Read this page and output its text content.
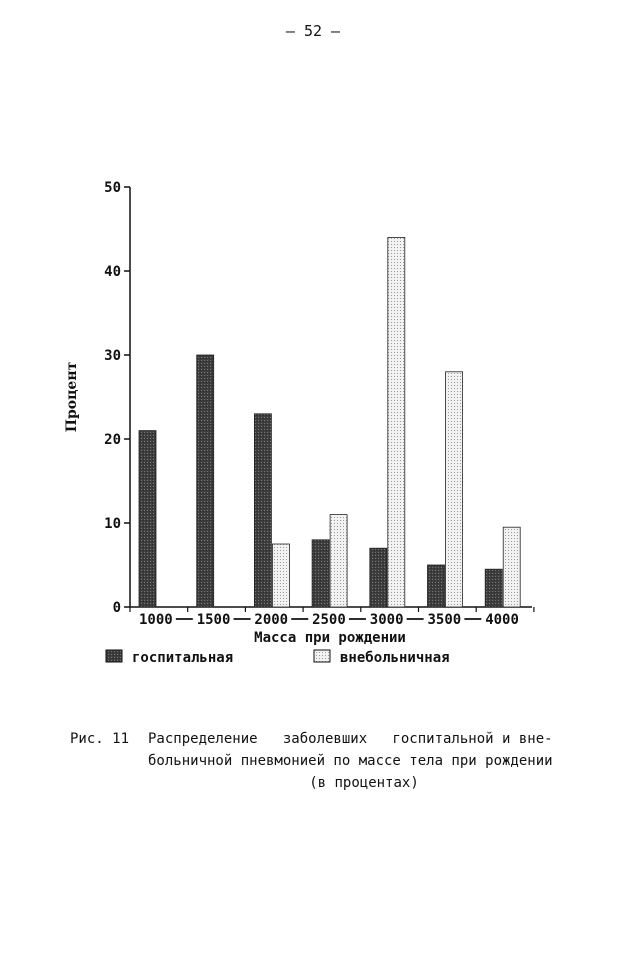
– 52 –
0
10
20
30
40
50
1000 1500 2000 2500 3000 3500 4000
Процент
Масса при рождении
госпитальная	внебольничная
Рис. 11	Распределение   заболевших   госпитальной и вне-
больничной пневмонией по массе тела при рождении
(в процентах)
